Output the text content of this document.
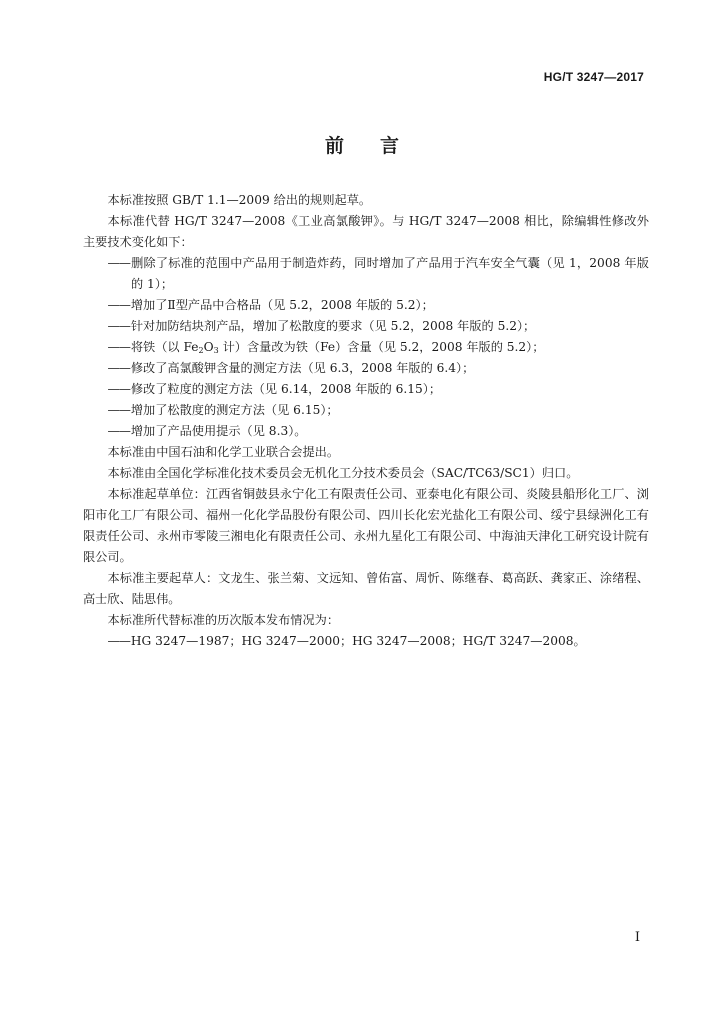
HG/T 3247—2017
前言

本标准按照 GB/T 1.1—2009 给出的规则起草。

本标准代替 HG/T 3247—2008《工业高氯酸钾》。与 HG/T 3247—2008 相比，除编辑性修改外主要技术变化如下：

——删除了标准的范围中产品用于制造炸药，同时增加了产品用于汽车安全气囊（见 1，2008 年版的 1）；

——增加了Ⅱ型产品中合格品（见 5.2，2008 年版的 5.2）；

——针对加防结块剂产品，增加了松散度的要求（见 5.2，2008 年版的 5.2）；

——将铁（以 $Fe_2O_3$ 计）含量改为铁（Fe）含量（见 5.2，2008 年版的 5.2）；

——修改了高氯酸钾含量的测定方法（见 6.3，2008 年版的 6.4）；

——修改了粒度的测定方法（见 6.14，2008 年版的 6.15）；

——增加了松散度的测定方法（见 6.15）；

——增加了产品使用提示（见 8.3）。

本标准由中国石油和化学工业联合会提出。

本标准由全国化学标准化技术委员会无机化工分技术委员会（SAC/TC63/SC1）归口。

本标准起草单位：江西省铜鼓县永宁化工有限责任公司、亚泰电化有限公司、炎陵县船形化工厂、浏阳市化工厂有限公司、福州一化化学品股份有限公司、四川长化宏光盐化工有限公司、绥宁县绿洲化工有限责任公司、永州市零陵三湘电化有限责任公司、永州九星化工有限公司、中海油天津化工研究设计院有限公司。

本标准主要起草人：文龙生、张兰菊、文远知、曾佑富、周忻、陈继春、葛高跃、龚家正、涂绪程、高士欣、陆思伟。

本标准所代替标准的历次版本发布情况为：

——HG 3247—1987；HG 3247—2000；HG 3247—2008；HG/T 3247—2008。

I
